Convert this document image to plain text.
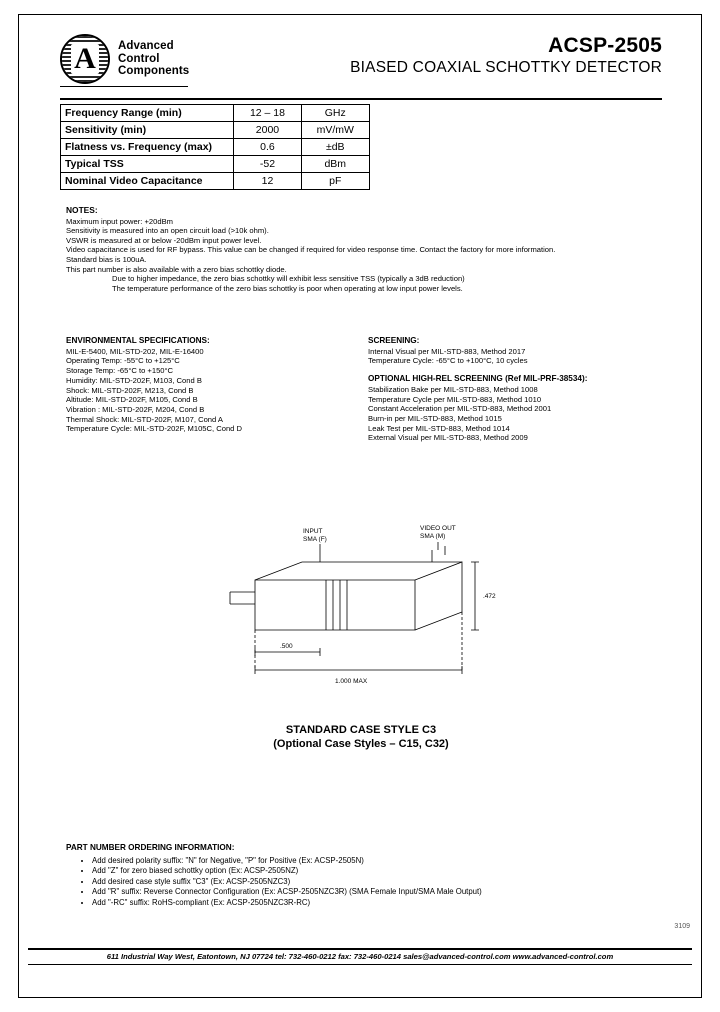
A Advanced
Control
Components
ACSP-2505
BIASED COAXIAL SCHOTTKY DETECTOR
Frequency Range (min)	12 – 18	GHz
Sensitivity (min)	2000	mV/mW
Flatness vs. Frequency (max)	0.6	±dB
Typical TSS	-52	dBm
Nominal Video Capacitance	12	pF
NOTES:
Maximum input power: +20dBm
Sensitivity is measured into an open circuit load (>10k ohm).
VSWR is measured at or below -20dBm input power level.
Video capacitance is used for RF bypass. This value can be changed if required for video response time. Contact the factory for more information.
Standard bias is 100uA.
This part number is also available with a zero bias schottky diode.
Due to higher impedance, the zero bias schottky will exhibit less sensitive TSS (typically a 3dB reduction)
The temperature performance of the zero bias schottky is poor when operating at low input power levels.
ENVIRONMENTAL SPECIFICATIONS:
MIL-E-5400, MIL-STD-202, MIL-E-16400
Operating Temp: -55°C to +125°C
Storage Temp: -65°C to +150°C
Humidity: MIL-STD-202F, M103, Cond B
Shock: MIL-STD-202F, M213, Cond B
Altitude: MIL-STD-202F, M105, Cond B
Vibration : MIL-STD-202F, M204, Cond B
Thermal Shock: MIL-STD-202F, M107, Cond A
Temperature Cycle: MIL-STD-202F, M105C, Cond D
SCREENING:
Internal Visual per MIL-STD-883, Method 2017
Temperature Cycle: -65°C to +100°C, 10 cycles
OPTIONAL HIGH-REL SCREENING (Ref MIL-PRF-38534):
Stabilization Bake per MIL-STD-883, Method 1008
Temperature Cycle per MIL-STD-883, Method 1010
Constant Acceleration per MIL-STD-883, Method 2001
Burn-in per MIL-STD-883, Method 1015
Leak Test per MIL-STD-883, Method 1014
External Visual per MIL-STD-883, Method 2009
INPUT
SMA (F)
VIDEO OUT
SMA (M)
.472
.500
1.000 MAX
STANDARD CASE STYLE C3
(Optional Case Styles – C15, C32)
PART NUMBER ORDERING INFORMATION:
• Add desired polarity suffix: "N" for Negative, "P" for Positive (Ex: ACSP-2505N)
• Add "Z" for zero biased schottky option (Ex: ACSP-2505NZ)
• Add desired case style suffix "C3" (Ex: ACSP-2505NZC3)
• Add "R" suffix: Reverse Connector Configuration (Ex: ACSP-2505NZC3R) (SMA Female Input/SMA Male Output)
• Add "-RC" suffix: RoHS-compliant (Ex: ACSP-2505NZC3R-RC)
3109
611 Industrial Way West, Eatontown, NJ 07724 tel: 732-460-0212 fax: 732-460-0214 sales@advanced-control.com www.advanced-control.com
